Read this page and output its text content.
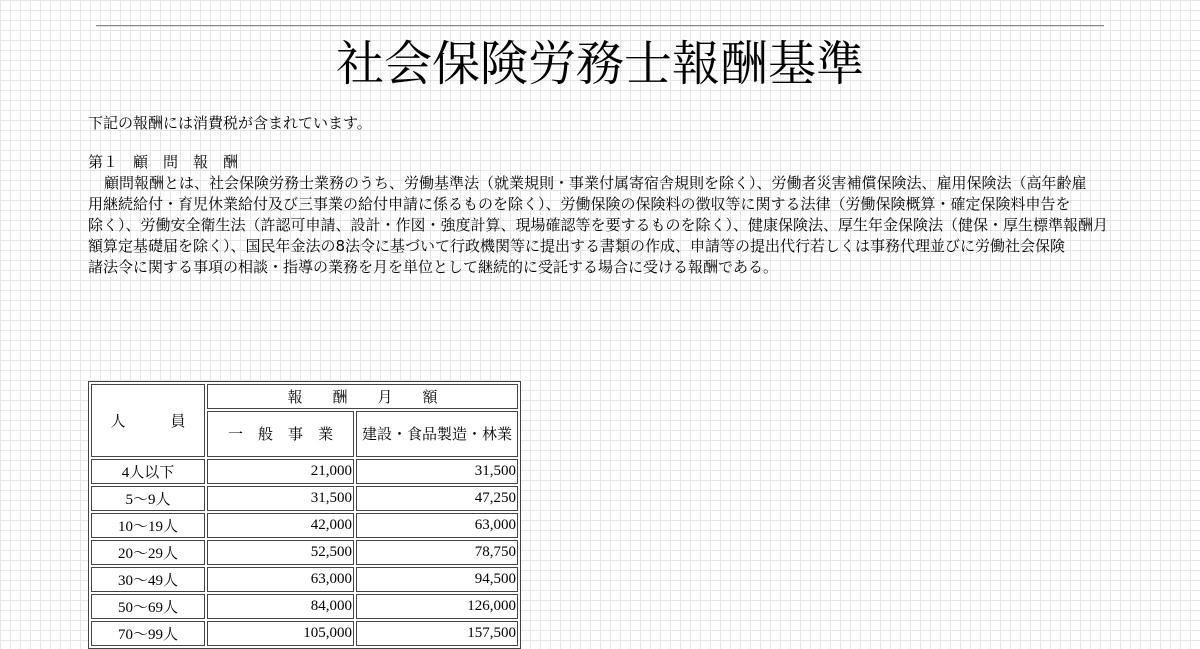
社会保険労務士報酬基準

下記の報酬には消費税が含まれています。

第１　顧　問　報　酬

顧問報酬とは、社会保険労務士業務のうち、労働基準法（就業規則・事業付属寄宿舎規則を除く）、労働者災害補償保険法、雇用保険法（高年齢雇
用継続給付・育児休業給付及び三事業の給付申請に係るものを除く）、労働保険の保険料の徴収等に関する法律（労働保険概算・確定保険料申告を
除く）、労働安全衛生法（許認可申請、設計・作図・強度計算、現場確認等を要するものを除く）、健康保険法、厚生年金保険法（健保・厚生標準報酬月
額算定基礎届を除く）、国民年金法の8法令に基づいて行政機関等に提出する書類の作成、申請等の提出代行若しくは事務代理並びに労働社会保険
諸法令に関する事項の相談・指導の業務を月を単位として継続的に受託する場合に受ける報酬である。

人　　　員	報　　酬　　月　　額	
	一　般　事　業	建設・食品製造・林業
4人以下	21,000	31,500
5～9人	31,500	47,250
10～19人	42,000	63,000
20～29人	52,500	78,750
30～49人	63,000	94,500
50～69人	84,000	126,000
70～99人	105,000	157,500
